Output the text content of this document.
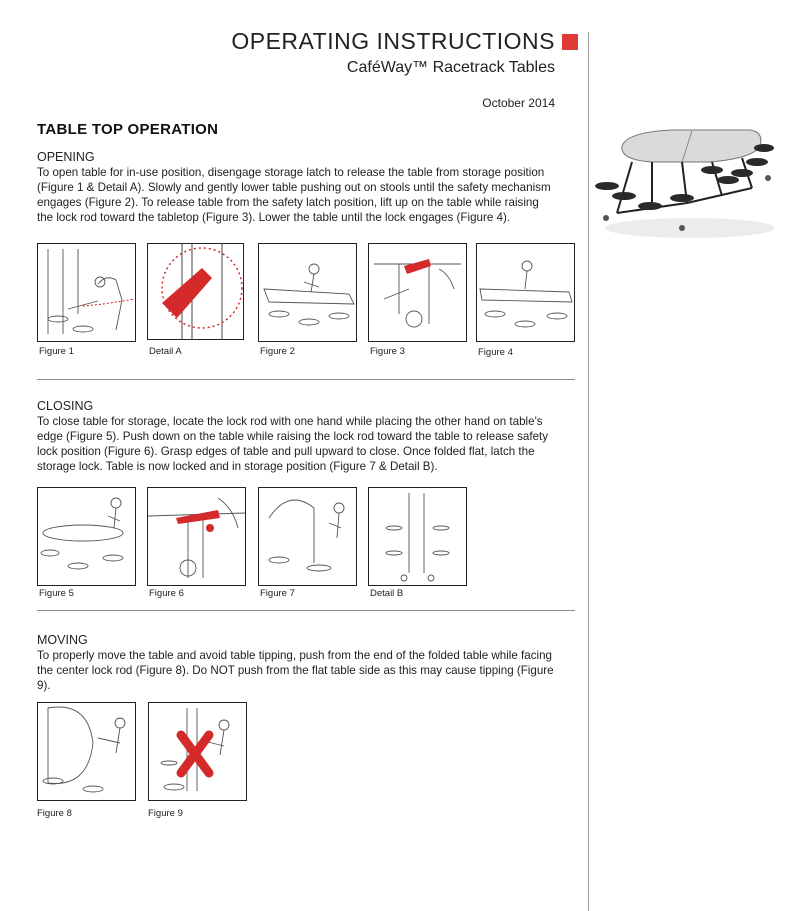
OPERATING INSTRUCTIONS
CaféWay™ Racetrack Tables
October 2014
TABLE TOP OPERATION
OPENING

To open table for in-use position, disengage storage latch to release the table from storage position (Figure 1 & Detail A). Slowly and gently lower table pushing out on stools until the safety mechanism engages (Figure 2). To release table from the safety latch position, lift up on the table while raising the lock rod toward the tabletop (Figure 3). Lower the table until the lock engages (Figure 4).

Figure 1	Detail A	Figure 2	Figure 3	Figure 4
CLOSING

To close table for storage, locate the lock rod with one hand while placing the other hand on table's edge (Figure 5). Push down on the table while raising the lock rod toward the table to release safety lock position (Figure 6). Grasp edges of table and pull upward to close. Once folded flat, latch the storage lock. Table is now locked and in storage position (Figure 7 & Detail B).

Figure 5	Figure 6	Figure 7	Detail B
MOVING

To properly move the table and avoid table tipping, push from the end of the folded table while facing the center lock rod (Figure 8). Do NOT push from the flat table side as this may cause tipping (Figure 9).

Figure 8	Figure 9
